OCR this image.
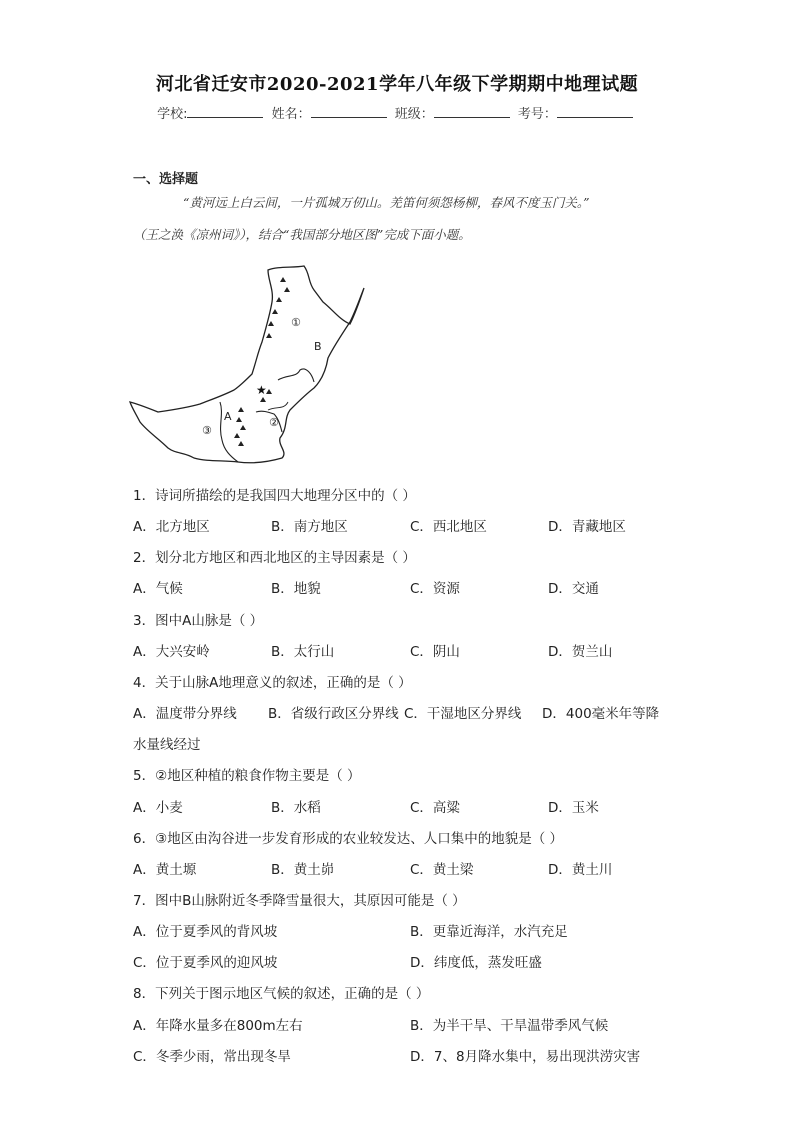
河北省迁安市2020-2021学年八年级下学期期中地理试题
学校:	姓名：	班级：	考号：
一、选择题
“黄河远上白云间，一片孤城万仞山。羌笛何须怨杨柳，春风不度玉门关。”
（王之涣《凉州词》），结合“我国部分地区图”完成下面小题。
①
B
★
A	②
③
1．诗词所描绘的是我国四大地理分区中的（ ）
A．北方地区	B．南方地区	C．西北地区	D．青藏地区
2．划分北方地区和西北地区的主导因素是（ ）
A．气候	B．地貌	C．资源	D．交通
3．图中A山脉是（ ）
A．大兴安岭	B．太行山	C．阴山	D．贺兰山
4．关于山脉A地理意义的叙述，正确的是（ ）
A．温度带分界线 B．省级行政区分界线 C．干湿地区分界线 D．400毫米年等降
水量线经过
5．②地区种植的粮食作物主要是（ ）
A．小麦	B．水稻	C．高粱	D．玉米
6．③地区由沟谷进一步发育形成的农业较发达、人口集中的地貌是（ ）
A．黄土塬	B．黄土峁	C．黄土梁	D．黄土川
7．图中B山脉附近冬季降雪量很大，其原因可能是（ ）
A．位于夏季风的背风坡	B．更靠近海洋，水汽充足
C．位于夏季风的迎风坡	D．纬度低，蒸发旺盛
8．下列关于图示地区气候的叙述，正确的是（ ）
A．年降水量多在800m左右	B．为半干旱、干旱温带季风气候
C．冬季少雨，常出现冬旱	D．7、8月降水集中，易出现洪涝灾害
